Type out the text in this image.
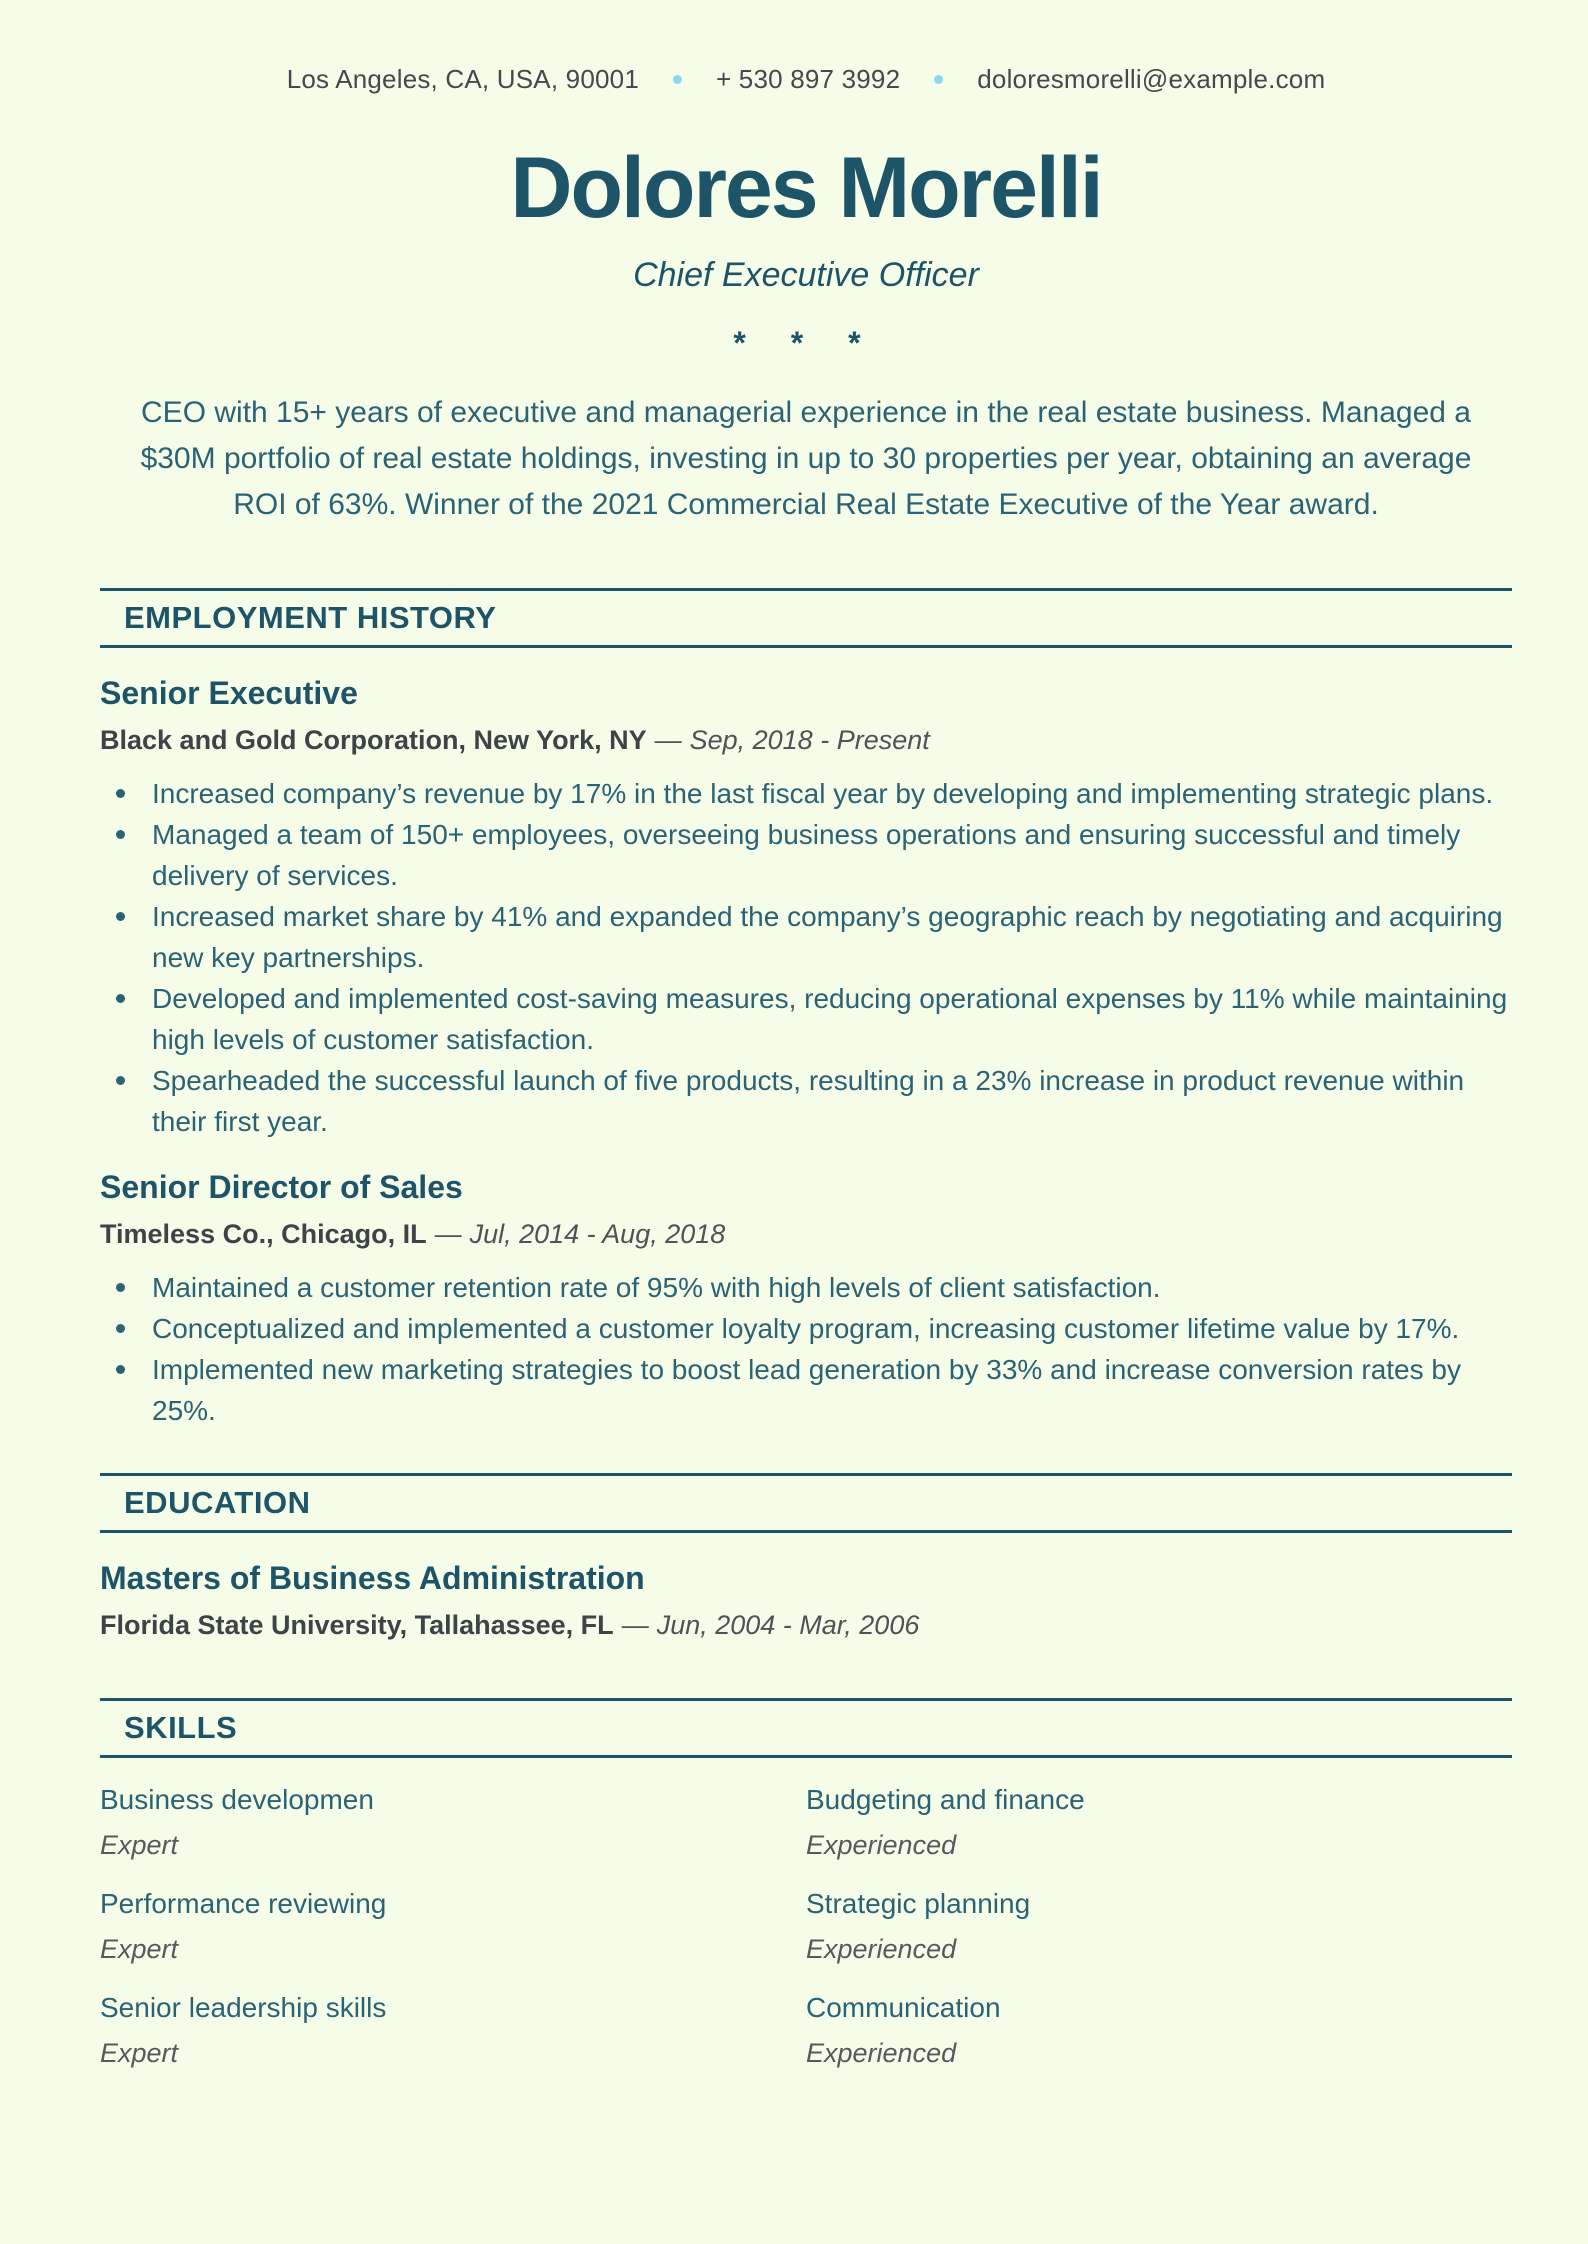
Los Angeles, CA, USA, 90001	+ 530 897 3992	doloresmorelli@example.com
Dolores Morelli
Chief Executive Officer
* * *
CEO with 15+ years of executive and managerial experience in the real estate business. Managed a $30M portfolio of real estate holdings, investing in up to 30 properties per year, obtaining an average ROI of 63%. Winner of the 2021 Commercial Real Estate Executive of the Year award.
EMPLOYMENT HISTORY
Senior Executive
Black and Gold Corporation, New York, NY — Sep, 2018 - Present
Increased company’s revenue by 17% in the last fiscal year by developing and implementing strategic plans.
Managed a team of 150+ employees, overseeing business operations and ensuring successful and timely delivery of services.
Increased market share by 41% and expanded the company’s geographic reach by negotiating and acquiring new key partnerships.
Developed and implemented cost-saving measures, reducing operational expenses by 11% while maintaining high levels of customer satisfaction.
Spearheaded the successful launch of five products, resulting in a 23% increase in product revenue within their first year.
Senior Director of Sales
Timeless Co., Chicago, IL — Jul, 2014 - Aug, 2018
Maintained a customer retention rate of 95% with high levels of client satisfaction.
Conceptualized and implemented a customer loyalty program, increasing customer lifetime value by 17%.
Implemented new marketing strategies to boost lead generation by 33% and increase conversion rates by 25%.
EDUCATION
Masters of Business Administration
Florida State University, Tallahassee, FL — Jun, 2004 - Mar, 2006
SKILLS
Business developmen
Expert
Budgeting and finance
Experienced
Performance reviewing
Expert
Strategic planning
Experienced
Senior leadership skills
Expert
Communication
Experienced
